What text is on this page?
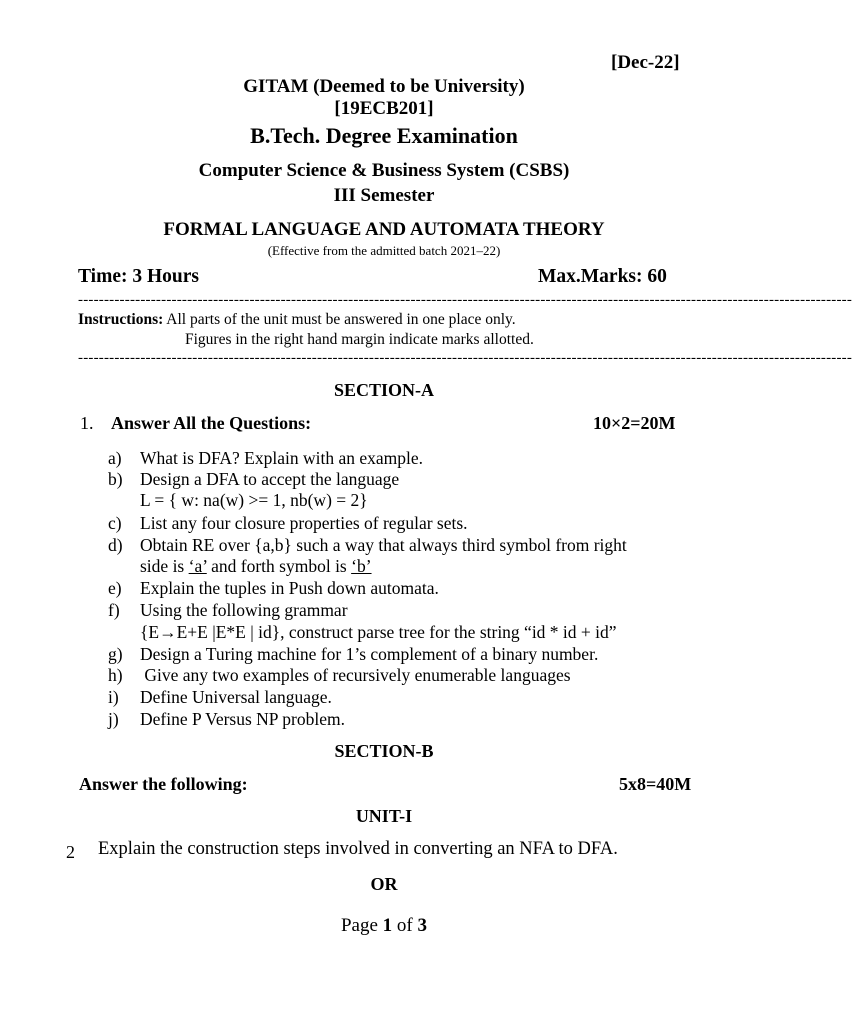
[Dec-22]
GITAM (Deemed to be University)
[19ECB201]
B.Tech. Degree Examination
Computer Science & Business System (CSBS)
III Semester
FORMAL LANGUAGE AND AUTOMATA THEORY
(Effective from the admitted batch 2021–22)
Time: 3 Hours	Max.Marks: 60
-----------------------------------------------------------------------------------------------------------------------------------------------------
Instructions: All parts of the unit must be answered in one place only.
Figures in the right hand margin indicate marks allotted.
-----------------------------------------------------------------------------------------------------------------------------------------------------
SECTION-A
1. Answer All the Questions:	10×2=20M
a) What is DFA? Explain with an example.
b) Design a DFA to accept the language
L = { w: na(w) >= 1, nb(w) = 2}
c) List any four closure properties of regular sets.
d) Obtain RE over {a,b} such a way that always third symbol from right
side is ‘a’ and forth symbol is ‘b’
e) Explain the tuples in Push down automata.
f) Using the following grammar
{E→E+E |E*E | id}, construct parse tree for the string “id * id + id”
g) Design a Turing machine for 1’s complement of a binary number.
h) Give any two examples of recursively enumerable languages
i) Define Universal language.
j) Define P Versus NP problem.
SECTION-B
Answer the following:	5x8=40M
UNIT-I
2 Explain the construction steps involved in converting an NFA to DFA.
OR
Page 1 of 3
